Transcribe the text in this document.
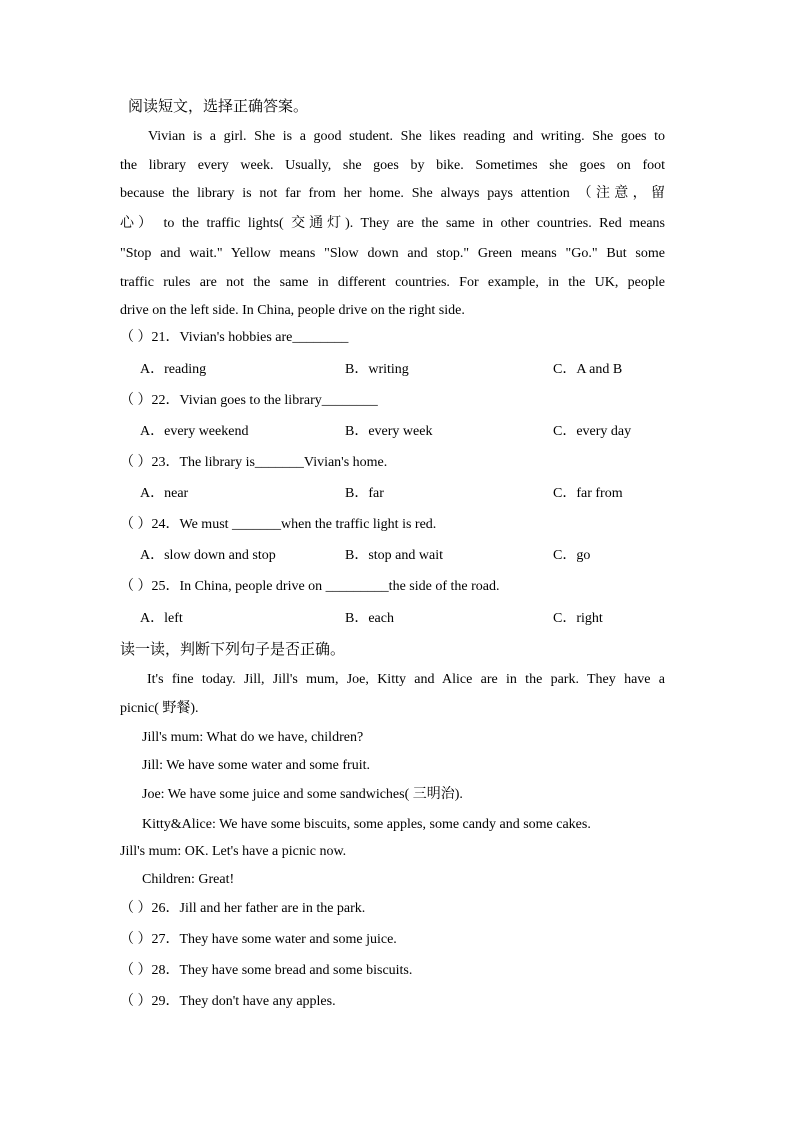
阅读短文，选择正确答案。
Vivian is a girl. She is a good student. She likes reading and writing. She goes to
the library every week. Usually, she goes by bike. Sometimes she goes on foot
because the library is not far from her home. She always pays attention （注意，留
心） to the traffic lights( 交通灯). They are the same in other countries. Red means
"Stop and wait." Yellow means "Slow down and stop." Green means "Go." But some
traffic rules are not the same in different countries. For example, in the UK, people
drive on the left side. In China, people drive on the right side.
（ ）21．Vivian's hobbies are________
A．reading	B．writing	C．A and B
（ ）22．Vivian goes to the library________
A．every weekend	B．every week	C．every day
（ ）23．The library is_______Vivian's home.
A．near	B．far	C．far from
（ ）24．We must _______when the traffic light is red.
A．slow down and stop	B．stop and wait	C．go
（ ）25．In China, people drive on _________the side of the road.
A．left	B．each	C．right
读一读，判断下列句子是否正确。
It's fine today. Jill, Jill's mum, Joe, Kitty and Alice are in the park. They have a
picnic( 野餐).
Jill's mum: What do we have, children?
Jill: We have some water and some fruit.
Joe: We have some juice and some sandwiches( 三明治).
Kitty&Alice: We have some biscuits, some apples, some candy and some cakes.
Jill's mum: OK. Let's have a picnic now.
Children: Great!
（ ）26．Jill and her father are in the park.
（ ）27．They have some water and some juice.
（ ）28．They have some bread and some biscuits.
（ ）29．They don't have any apples.
